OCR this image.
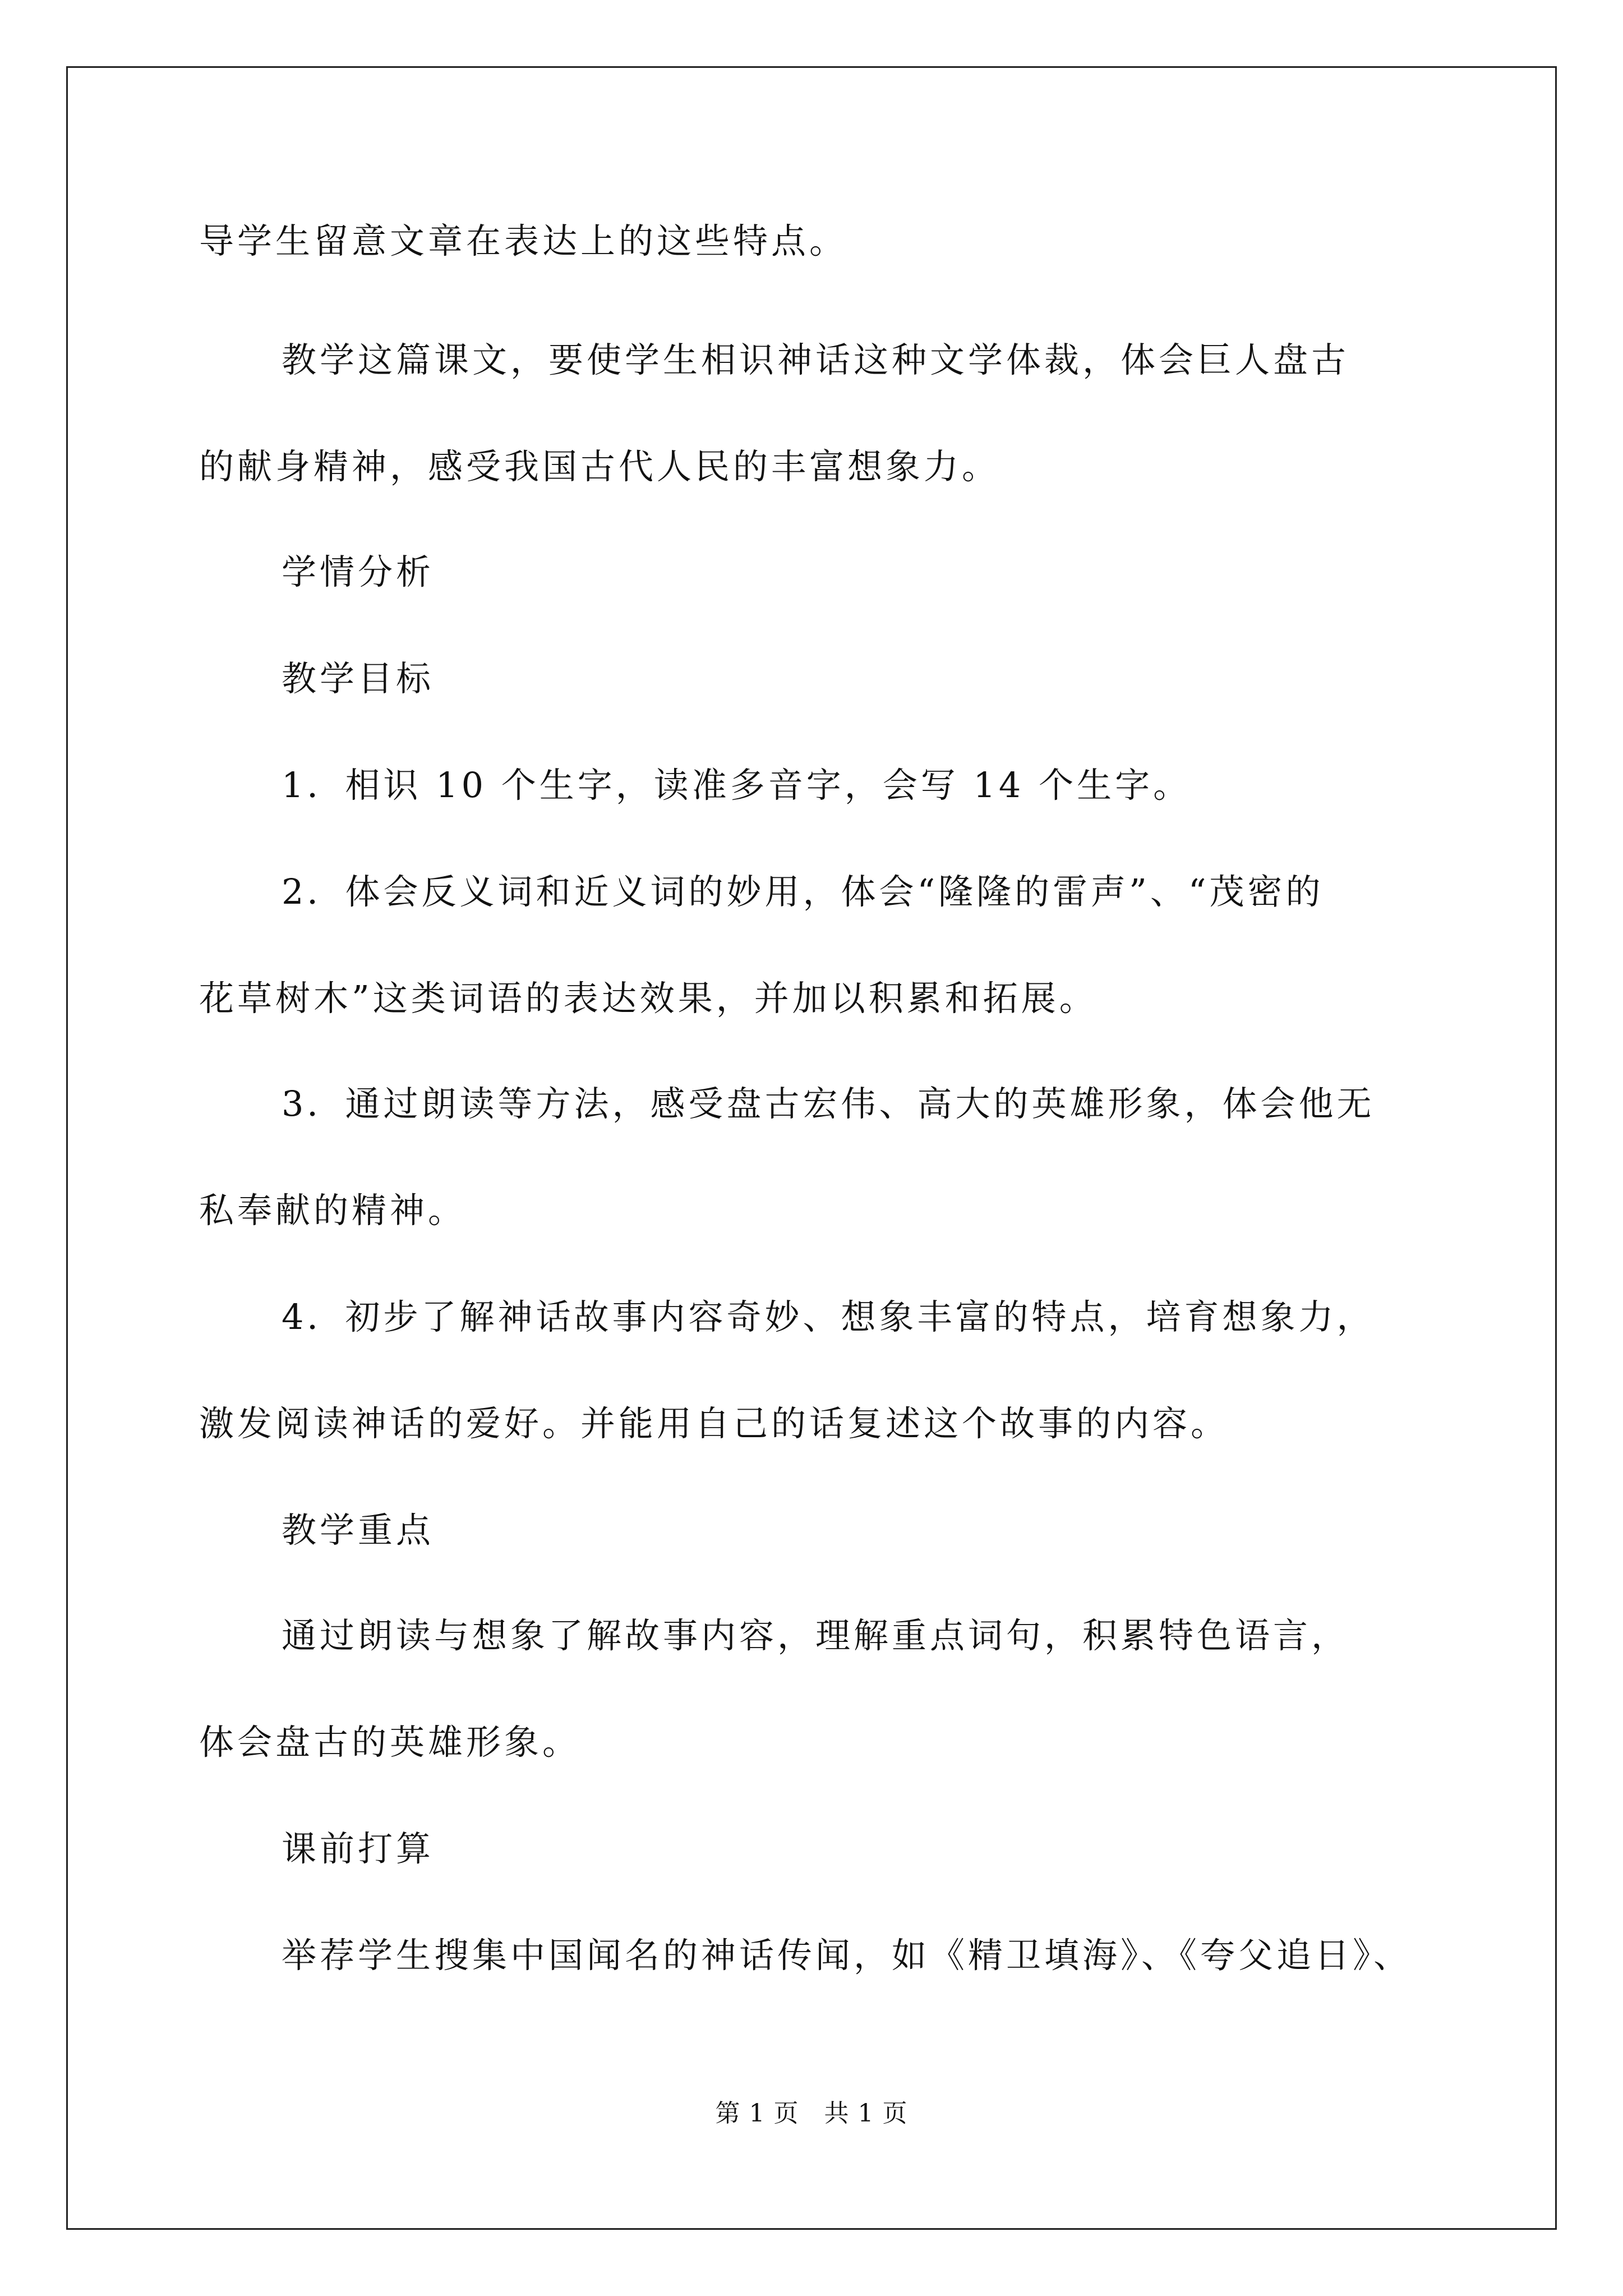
导学生留意文章在表达上的这些特点。
教学这篇课文，要使学生相识神话这种文学体裁，体会巨人盘古
的献身精神，感受我国古代人民的丰富想象力。
学情分析
教学目标
1．相识 10 个生字，读准多音字，会写 14 个生字。
2．体会反义词和近义词的妙用，体会“隆隆的雷声”、“茂密的
花草树木”这类词语的表达效果，并加以积累和拓展。
3．通过朗读等方法，感受盘古宏伟、高大的英雄形象，体会他无
私奉献的精神。
4．初步了解神话故事内容奇妙、想象丰富的特点，培育想象力，
激发阅读神话的爱好。并能用自己的话复述这个故事的内容。
教学重点
通过朗读与想象了解故事内容，理解重点词句，积累特色语言，
体会盘古的英雄形象。
课前打算
举荐学生搜集中国闻名的神话传闻，如《精卫填海》、《夸父追日》、
第 1 页   共 1 页
